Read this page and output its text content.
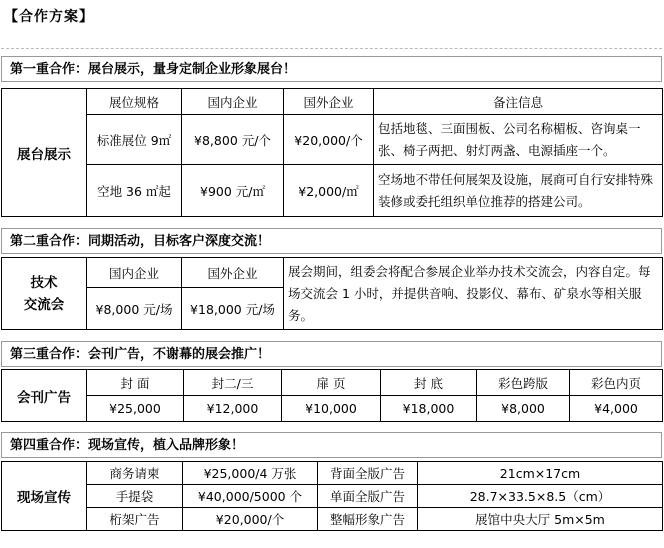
【合作方案】
第一重合作：展台展示，量身定制企业形象展台！
展台展示	展位规格	国内企业	国外企业	备注信息
	标准展位 9㎡	¥8,800 元/个	¥20,000/个	包括地毯、三面围板、公司名称楣板、咨询桌一张、椅子两把、射灯两盏、电源插座一个。
	空地 36 ㎡起	¥900 元/㎡	¥2,000/㎡	空场地不带任何展架及设施，展商可自行安排特殊装修或委托组织单位推荐的搭建公司。
第二重合作：同期活动，目标客户深度交流！
技术
交流会	国内企业	国外企业	展会期间，组委会将配合参展企业举办技术交流会，内容自定。每场交流会 1 小时，并提供音响、投影仪、幕布、矿泉水等相关服务。
	¥8,000 元/场	¥18,000 元/场	
第三重合作：会刊广告，不谢幕的展会推广！
会刊广告	封 面	封二/三	扉 页	封 底	彩色跨版	彩色内页
	¥25,000	¥12,000	¥10,000	¥18,000	¥8,000	¥4,000
第四重合作：现场宣传，植入品牌形象！
现场宣传	商务请柬	¥25,000/4 万张	背面全版广告	21cm×17cm
	手提袋	¥40,000/5000 个	单面全版广告	28.7×33.5×8.5（cm）
	桁架广告	¥20,000/个	整幅形象广告	展馆中央大厅 5m×5m
